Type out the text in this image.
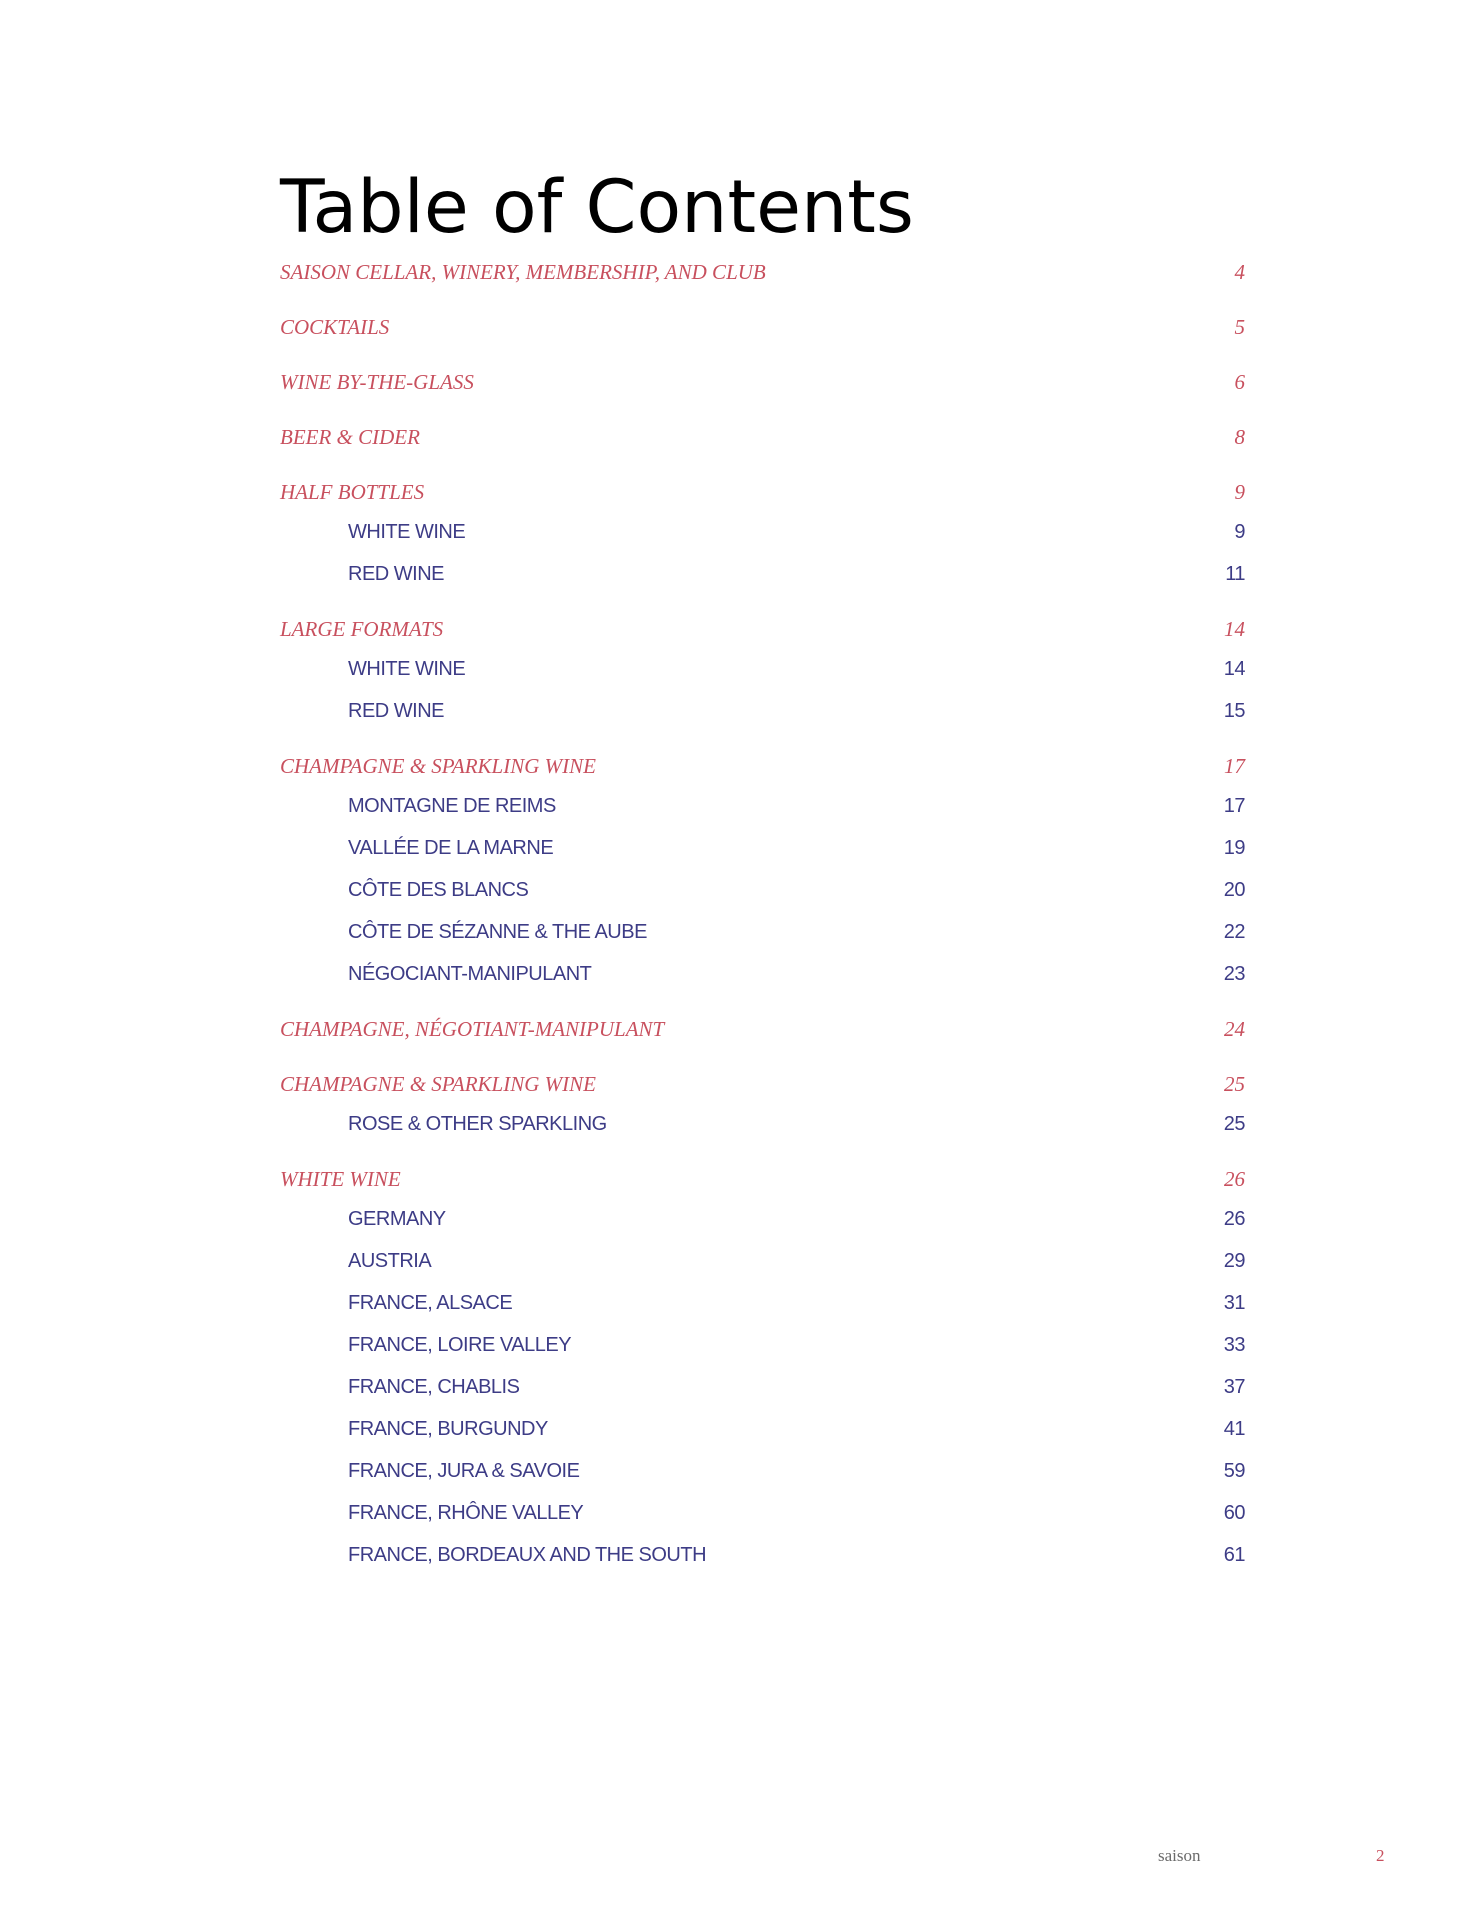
Table of Contents
SAISON CELLAR, WINERY, MEMBERSHIP, AND CLUB	4
COCKTAILS	5
WINE BY-THE-GLASS	6
BEER & CIDER	8
HALF BOTTLES	9
WHITE WINE	9
RED WINE	11
LARGE FORMATS	14
WHITE WINE	14
RED WINE	15
CHAMPAGNE & SPARKLING WINE	17
MONTAGNE DE REIMS	17
VALLÉE DE LA MARNE	19
CÔTE DES BLANCS	20
CÔTE DE SÉZANNE & THE AUBE	22
NÉGOCIANT-MANIPULANT	23
CHAMPAGNE, NÉGOTIANT-MANIPULANT	24
CHAMPAGNE & SPARKLING WINE	25
ROSE & OTHER SPARKLING	25
WHITE WINE	26
GERMANY	26
AUSTRIA	29
FRANCE, ALSACE	31
FRANCE, LOIRE VALLEY	33
FRANCE, CHABLIS	37
FRANCE, BURGUNDY	41
FRANCE, JURA & SAVOIE	59
FRANCE, RHÔNE VALLEY	60
FRANCE, BORDEAUX AND THE SOUTH	61
saison	2
